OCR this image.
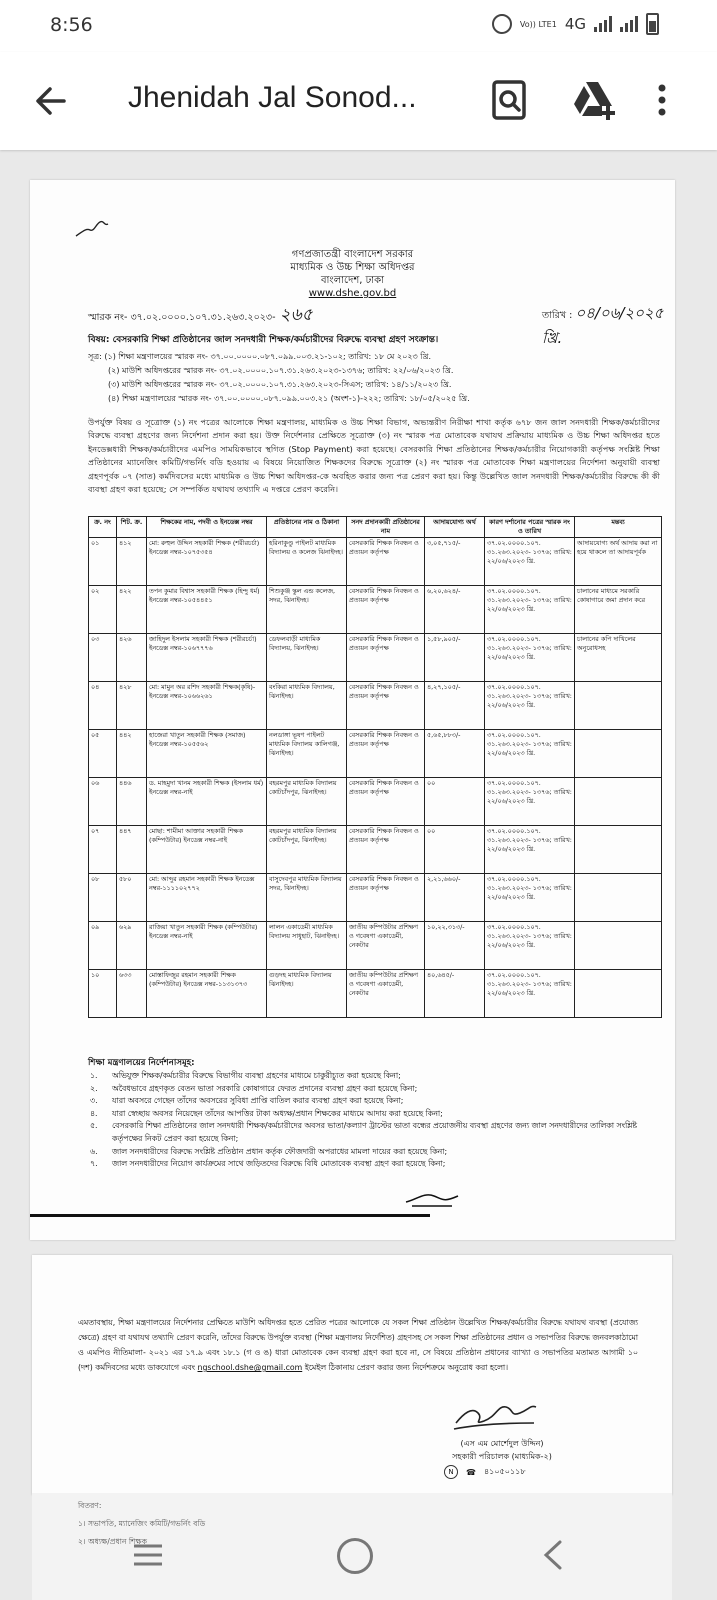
8:56	Vo)) LTE1 4G
Jhenidah Jal Sonod...
গণপ্রজাতন্ত্রী বাংলাদেশ সরকার
মাধ্যমিক ও উচ্চ শিক্ষা অধিদপ্তর
বাংলাদেশ, ঢাকা
www.dshe.gov.bd
স্মারক নং- ৩৭.০২.০০০০.১০৭.৩১.২৬৩.২০২৩- ২৬৫	তারিখ : ০৪/০৬/২০২৫ খ্রি.
বিষয়: বেসরকারি শিক্ষা প্রতিষ্ঠানের জাল সনদধারী শিক্ষক/কর্মচারীদের বিরুদ্ধে ব্যবস্থা গ্রহণ সংক্রান্ত।
সূত্র: (১) শিক্ষা মন্ত্রণালয়ের স্মারক নং- ৩৭.০০.০০০০.০৮৭.০৯৯.০০৩.২১-১০২; তারিখ: ১৮ মে ২০২৩ খ্রি.
(২) মাউশি অধিদপ্তরের স্মারক নং- ৩৭.০২.০০০০.১০৭.৩১.২৬৩.২০২৩-১৩৭৬; তারিখ: ২২/০৬/২০২৩ খ্রি.
(৩) মাউশি অধিদপ্তরের স্মারক নং- ৩৭.০২.০০০০.১০৭.৩১.২৬৩.২০২৩-সিএস; তারিখ: ১৪/১১/২০২৩ খ্রি.
(৪) শিক্ষা মন্ত্রণালয়ের স্মারক নং- ৩৭.০০.০০০০.০৮৭.০৯৯.০০৩.২১ (অংশ-১)-২২২; তারিখ: ১৮/০৫/২০২৫ খ্রি.
উপর্যুক্ত বিষয় ও সূত্রোক্ত (১) নং পত্রের আলোকে শিক্ষা মন্ত্রণালয়, মাধ্যমিক ও উচ্চ শিক্ষা বিভাগ, অভ্যন্তরীণ নিরীক্ষা শাখা কর্তৃক ৬৭৮ জন জাল সনদধারী শিক্ষক/কর্মচারীদের বিরুদ্ধে ব্যবস্থা গ্রহণের জন্য নির্দেশনা প্রদান করা হয়। উক্ত নির্দেশনার প্রেক্ষিতে সূত্রোক্ত (৩) নং স্মারক পত্র মোতাবেক যথাযথ প্রক্রিয়ায় মাধ্যমিক ও উচ্চ শিক্ষা অধিদপ্তর হতে ইনডেক্সধারী শিক্ষক/কর্মচারীদের এমপিও সাময়িকভাবে স্থগিত (Stop Payment) করা হয়েছে। বেসরকারি শিক্ষা প্রতিষ্ঠানের শিক্ষক/কর্মচারীর নিয়োগকারী কর্তৃপক্ষ সংশ্লিষ্ট শিক্ষা প্রতিষ্ঠানের ম্যানেজিং কমিটি/গভর্নিং বডি হওয়ায় এ বিষয়ে নিয়োজিত শিক্ষকদের বিরুদ্ধে সূত্রোক্ত (২) নং স্মারক পত্র মোতাবেক শিক্ষা মন্ত্রণালয়ের নির্দেশনা অনুযায়ী ব্যবস্থা গ্রহণপূর্বক ০৭ (সাত) কর্মদিবসের মধ্যে মাধ্যমিক ও উচ্চ শিক্ষা অধিদপ্তর-কে অবহিত করার জন্য পত্র প্রেরণ করা হয়। কিন্তু উল্লেখিত জাল সনদধারী শিক্ষক/কর্মচারীর বিরুদ্ধে কী কী ব্যবস্থা গ্রহণ করা হয়েছে; সে সম্পর্কিত যথাযথ তথ্যাদি এ দপ্তরে প্রেরণ করেনি।
ক্র. নং	শিট. ক্র.	শিক্ষকের নাম, পদবী ও ইনডেক্স নম্বর	প্রতিষ্ঠানের নাম ও ঠিকানা	সনদ প্রদানকারী প্রতিষ্ঠানের নাম	আদায়যোগ্য অর্থ	কারণ দর্শানোর পত্রের স্মারক নং ও তারিখ	মন্তব্য
০১	৪১২	মো: রুহুল উদ্দিন সহকারী শিক্ষক (শরীরচর্চা) ইনডেক্স নম্বর-১০৭৫৩৫৪	হরিনাকুণ্ডু পাইলট মাধ্যমিক বিদ্যালয় ও কলেজ ঝিনাইদহ।	বেসরকারি শিক্ষক নিবন্ধন ও প্রত্যয়ন কর্তৃপক্ষ	৩,০৫,৭১৫/-	৩৭.০২.০০০০.১০৭. ৩১.২৬৩.২০২৩- ১৩৭৬; তারিখ: ২২/০৬/২০২৩ খ্রি.	আদায়যোগ্য অর্থ আদায় করা না হয়ে থাকলে তা আদায়পূর্বক
০২	৪২২	তপন কুমার বিশ্বাস সহকারী শিক্ষক (হিন্দু ধর্ম) ইনডেক্স নম্বর-১০৫৪৪৫১	শিশুকুঞ্জ স্কুল এন্ড কলেজ, সদর, ঝিনাইদহ।	বেসরকারি শিক্ষক নিবন্ধন ও প্রত্যয়ন কর্তৃপক্ষ	৬,২০,৬২৪/-	৩৭.০২.০০০০.১০৭. ৩১.২৬৩.২০২৩- ১৩৭৬; তারিখ: ২২/০৬/২০২৩ খ্রি.	চালানের মাধ্যমে সরকারি কোষাগারে জমা প্রদান করে
০৩	৪২৬	জাহিদুল ইসলাম সহকারী শিক্ষক (শরীরচর্চা) ইনডেক্স নম্বর-১০৬৭৭৭৬	ডেফলবাড়ী মাধ্যমিক বিদ্যালয়, ঝিনাইদহ।	বেসরকারি শিক্ষক নিবন্ধন ও প্রত্যয়ন কর্তৃপক্ষ	১,৫৮,৯০৫/-	৩৭.০২.০০০০.১০৭. ৩১.২৬৩.২০২৩- ১৩৭৬; তারিখ: ২২/০৬/২০২৩ খ্রি.	চালানের কপি দাখিলের অনুরোধসহ
০৪	৪২৮	মো: মামুন অর রশিদ সহকারী শিক্ষক(কৃষি)- ইনডেক্স নম্বর-১০৬৬২৬১	বংকিরা মাধ্যমিক বিদ্যালয়, ঝিনাইদহ।	বেসরকারি শিক্ষক নিবন্ধন ও প্রত্যয়ন কর্তৃপক্ষ	৪,২৭,১০৫/-	৩৭.০২.০০০০.১০৭. ৩১.২৬৩.২০২৩- ১৩৭৬; তারিখ: ২২/০৬/২০২৩ খ্রি.	
০৫	৪৪২	হাজেরা খাতুন সহকারী শিক্ষক (সমাজ) ইনডেক্স নম্বর-১০৫৫৬২	নলডাঙ্গা ভূষণ পাইলট মাধ্যমিক বিদ্যালয় কালিগঞ্জ, ঝিনাইদহ।	বেসরকারি শিক্ষক নিবন্ধন ও প্রত্যয়ন কর্তৃপক্ষ	৫,৬৫,৮৮৩/-	৩৭.০২.০০০০.১০৭. ৩১.২৬৩.২০২৩- ১৩৭৬; তারিখ: ২২/০৬/২০২৩ খ্রি.	
০৬	৪৪৬	ড. মাহমুদা খানম সহকারী শিক্ষক (ইসলাম ধর্ম) ইনডেক্স নম্বর-নাই	বহরমপুর মাধ্যমিক বিদ্যালয় কোটচাঁদপুর, ঝিনাইদহ।	বেসরকারি শিক্ষক নিবন্ধন ও প্রত্যয়ন কর্তৃপক্ষ	০০	৩৭.০২.০০০০.১০৭. ৩১.২৬৩.২০২৩- ১৩৭৬; তারিখ: ২২/০৬/২০২৩ খ্রি.	
০৭	৪৪৭	মোছা: শামীমা আক্তার সহকারী শিক্ষক (কম্পিউটার) ইনডেক্স নম্বর-নাই	বহরমপুর মাধ্যমিক বিদ্যালয় কোটচাঁদপুর, ঝিনাইদহ।	বেসরকারি শিক্ষক নিবন্ধন ও প্রত্যয়ন কর্তৃপক্ষ	০০	৩৭.০২.০০০০.১০৭. ৩১.২৬৩.২০২৩- ১৩৭৬; তারিখ: ২২/০৬/২০২৩ খ্রি.	
০৮	৫৮০	মো: আব্দুর রহমান সহকারী শিক্ষক ইনডেক্স নম্বর-১১১১০২৭৭২	বাসুদেবপুর মাধ্যমিক বিদ্যালয় সদর, ঝিনাইদহ।	বেসরকারি শিক্ষক নিবন্ধন ও প্রত্যয়ন কর্তৃপক্ষ	২,২১,৬৬০/-	৩৭.০২.০০০০.১০৭. ৩১.২৬৩.২০২৩- ১৩৭৬; তারিখ: ২২/০৬/২০২৩ খ্রি.	
০৯	৬২৯	রাজিয়া খাতুন সহকারী শিক্ষক (কম্পিউটার) ইনডেক্স নম্বর-নাই	লালন একাডেমী মাধ্যমিক বিদ্যালয় সাধুহাট, ঝিনাইদহ।	জাতীয় কম্পিউটার প্রশিক্ষণ ও গবেষণা একাডেমী, নেকটার	১০,২২,৩১৩/-	৩৭.০২.০০০০.১০৭. ৩১.২৬৩.২০২৩- ১৩৭৬; তারিখ: ২২/০৬/২০২৩ খ্রি.	
১০	৬৩৩	মোস্তাফিজুর রহমান সহকারী শিক্ষক (কম্পিউটার) ইনডেক্স নম্বর-১১৩১৩৭৩	গুড়দহ মাধ্যমিক বিদ্যালয় ঝিনাইদহ।	জাতীয় কম্পিউটার প্রশিক্ষণ ও গবেষণা একাডেমী, নেকটার	৪০,৬৪৫/-	৩৭.০২.০০০০.১০৭. ৩১.২৬৩.২০২৩- ১৩৭৬; তারিখ: ২২/০৬/২০২৩ খ্রি.	
শিক্ষা মন্ত্রণালয়ের নির্দেশনাসমূহ:
১. অভিযুক্ত শিক্ষক/কর্মচারীর বিরুদ্ধে বিভাগীয় ব্যবস্থা গ্রহণের মাধ্যমে চাকুরীচ্যুত করা হয়েছে কিনা;
২. অবৈধভাবে গ্রহণকৃত বেতন ভাতা সরকারি কোষাগারে ফেরত প্রদানের ব্যবস্থা গ্রহণ করা হয়েছে কিনা;
৩. যারা অবসরে গেছেন তাঁদের অবসরের সুবিধা প্রাপ্তি বাতিল করার ব্যবস্থা গ্রহণ করা হয়েছে কিনা;
৪. যারা স্বেচ্ছায় অবসর নিয়েছেন তাঁদের আপত্তির টাকা অধ্যক্ষ/প্রধান শিক্ষকের মাধ্যমে আদায় করা হয়েছে কিনা;
৫. বেসরকারি শিক্ষা প্রতিষ্ঠানের জাল সনদধারী শিক্ষক/কর্মচারীদের অবসর ভাতা/কল্যাণ ট্রাস্টের ভাতা বন্ধের প্রয়োজনীয় ব্যবস্থা গ্রহণের জন্য জাল সনদধারীদের তালিকা সংশ্লিষ্ট কর্তৃপক্ষের নিকট প্রেরণ করা হয়েছে কিনা;
৬. জাল সনদধারীদের বিরুদ্ধে সংশ্লিষ্ট প্রতিষ্ঠান প্রধান কর্তৃক ফৌজদারী অপরাধের মামলা দায়ের করা হয়েছে কিনা;
৭. জাল সনদধারীদের নিয়োগ কার্যক্রমের সাথে জড়িতদের বিরুদ্ধে বিধি মোতাবেক ব্যবস্থা গ্রহণ করা হয়েছে কিনা;
এমতাবস্থায়, শিক্ষা মন্ত্রণালয়ের নির্দেশনার প্রেক্ষিতে মাউশি অধিদপ্তর হতে প্রেরিত পত্রের আলোকে যে সকল শিক্ষা প্রতিষ্ঠান উল্লেখিত শিক্ষক/কর্মচারীর বিরুদ্ধে যথাযথ ব্যবস্থা (প্রযোজ্য ক্ষেত্রে) গ্রহণ বা যথাযথ তথ্যাদি প্রেরণ করেনি, তাঁদের বিরুদ্ধে উপর্যুক্ত ব্যবস্থা (শিক্ষা মন্ত্রণালয় নির্দেশিত) গ্রহণসহ সে সকল শিক্ষা প্রতিষ্ঠানের প্রধান ও সভাপতির বিরুদ্ধে জনবলকাঠামো ও এমপিও নীতিমালা- ২০২১ এর ১৭.৯ এবং ১৮.১ (গ ও ঙ) ধারা মোতাবেক কেন ব্যবস্থা গ্রহণ করা হবে না, সে বিষয়ে প্রতিষ্ঠান প্রধানের ব্যাখ্যা ও সভাপতির মতামত আগামী ১০ (দশ) কর্মদিবসের মধ্যে ডাকযোগে এবং ngschool.dshe@gmail.com ইমেইল ঠিকানায় প্রেরণ করার জন্য নির্দেশক্রমে অনুরোধ করা হলো।
(এস এম মোর্শেদুল উদ্দিন)
সহকারী পরিচালক (মাধ্যমিক-২)
N	☎ ৪১০৫০১১৮
বিতরণ:
১। সভাপতি, ম্যানেজিং কমিটি/গভর্নিং বডি
২। অধ্যক্ষ/প্রধান শিক্ষক
